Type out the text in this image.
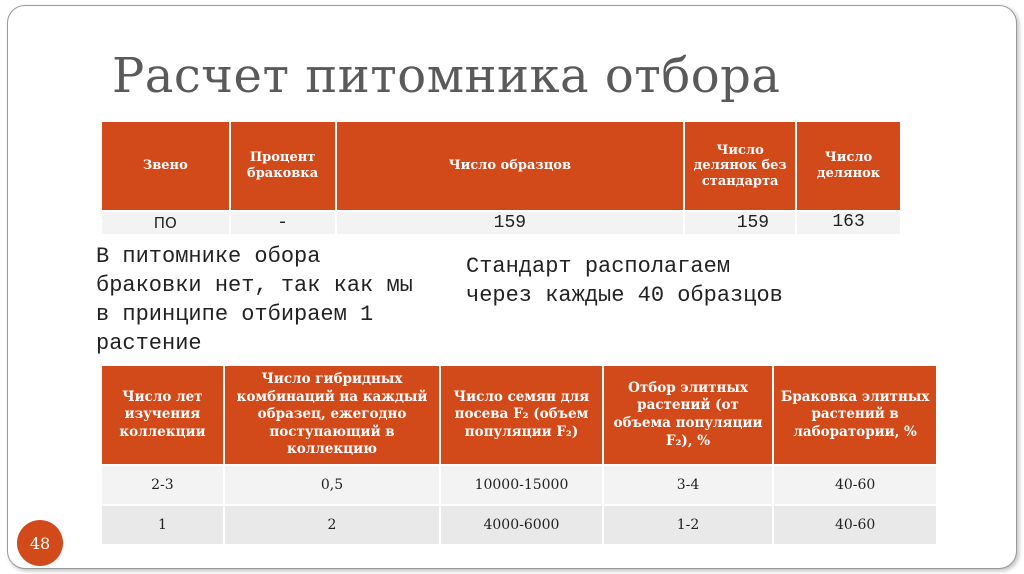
Расчет питомника отбора
Звено	Процент браковка	Число образцов	Число делянок без стандарта	Число делянок
ПО	-	159	159	163
В питомнике обора браковки нет, так как мы в принципе отбираем 1 растение
Стандарт располагаем через каждые 40 образцов
Число лет изучения коллекции	Число гибридных комбинаций на каждый образец, ежегодно поступающий в коллекцию	Число семян для посева F₂ (объем популяции F₂)	Отбор элитных растений (от объема популяции F₂), %	Браковка элитных растений в лаборатории, %
2-3	0,5	10000-15000	3-4	40-60
1	2	4000-6000	1-2	40-60
48
